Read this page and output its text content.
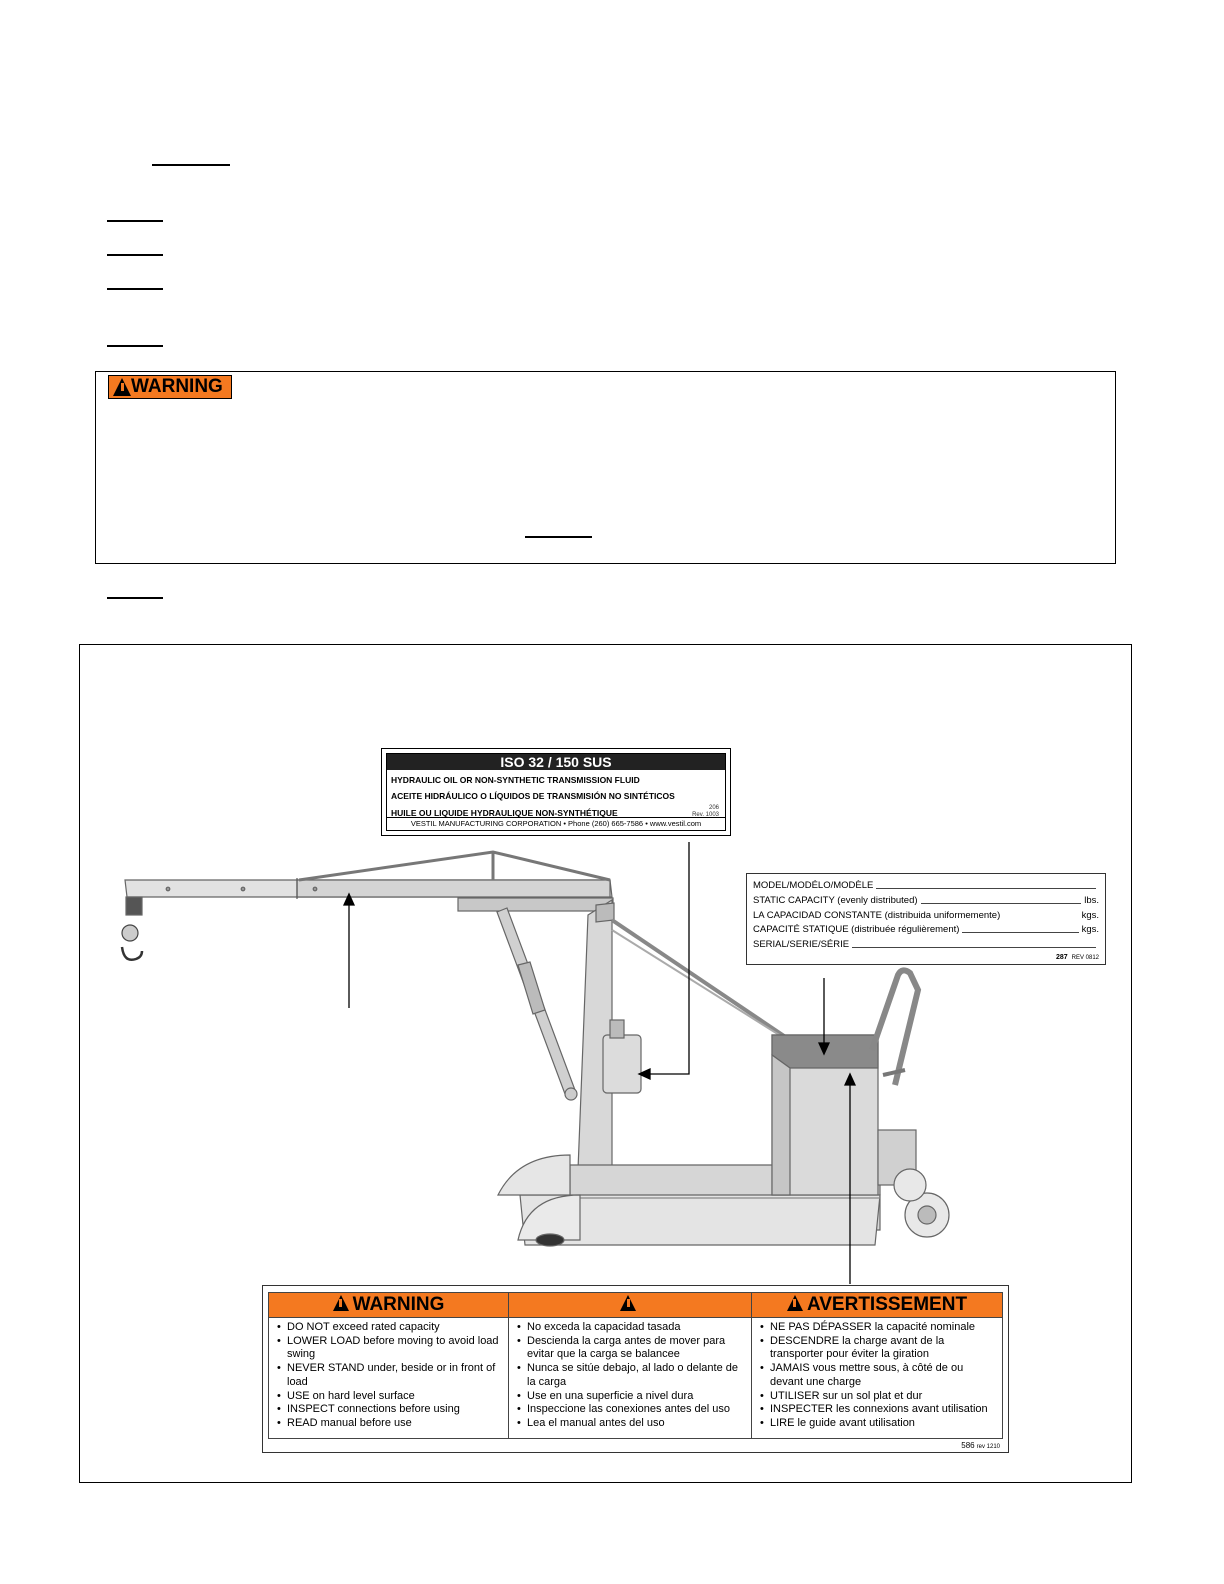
WARNING
ISO 32 / 150 SUS
HYDRAULIC OIL OR NON-SYNTHETIC TRANSMISSION FLUID
ACEITE HIDRÁULICO O LÍQUIDOS DE TRANSMISIÓN NO SINTÉTICOS
HUILE OU LIQUIDE HYDRAULIQUE NON-SYNTHÉTIQUE	206
Rev. 1003
VESTIL MANUFACTURING CORPORATION • Phone (260) 665-7586 • www.vestil.com
MODEL/MODÉLO/MODÈLE
STATIC CAPACITY (evenly distributed)	lbs.
LA CAPACIDAD CONSTANTE (distribuida uniformemente)	kgs.
CAPACITÉ STATIQUE (distribuée régulièrement)	kgs.
SERIAL/SERIE/SÉRIE
287 REV 0812
WARNING
• DO NOT exceed rated capacity
• LOWER LOAD before moving to avoid load swing
• NEVER STAND under, beside or in front of load
• USE on hard level surface
• INSPECT connections before using
• READ manual before use
• No exceda la capacidad tasada
• Descienda la carga antes de mover para evitar que la carga se balancee
• Nunca se sitúe debajo, al lado o delante de la carga
• Use en una superficie a nivel dura
• Inspeccione las conexiones antes del uso
• Lea el manual antes del uso
AVERTISSEMENT
• NE PAS DÉPASSER la capacité nominale
• DESCENDRE la charge avant de la transporter pour éviter la giration
• JAMAIS vous mettre sous, à côté de ou devant une charge
• UTILISER sur un sol plat et dur
• INSPECTER les connexions avant utilisation
• LIRE le guide avant utilisation
586 rev 1210
